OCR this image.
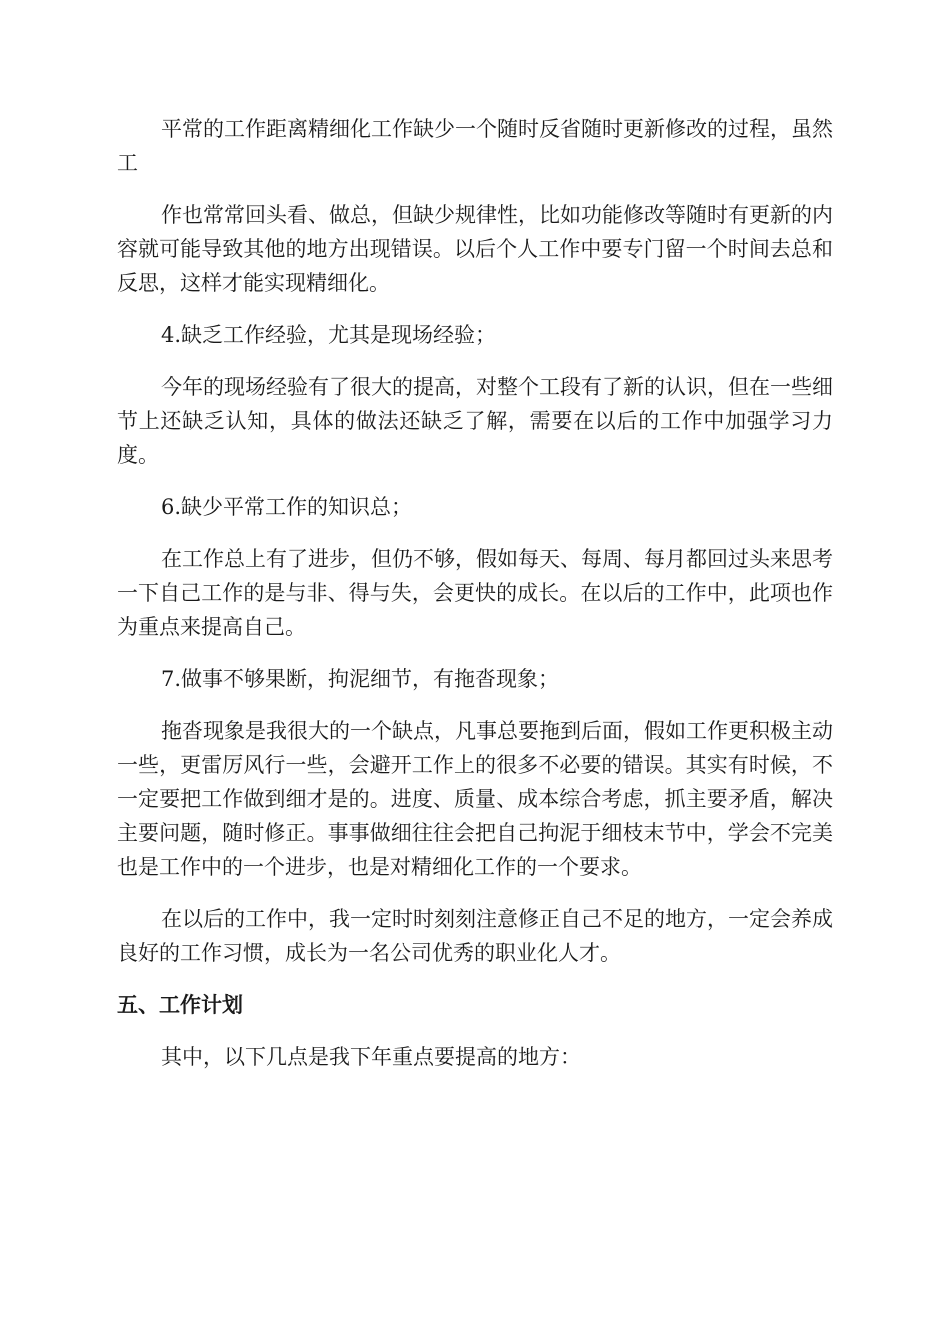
平常的工作距离精细化工作缺少一个随时反省随时更新修改的过程，虽然工

作也常常回头看、做总，但缺少规律性，比如功能修改等随时有更新的内容就可能导致其他的地方出现错误。以后个人工作中要专门留一个时间去总和反思，这样才能实现精细化。

4.缺乏工作经验，尤其是现场经验；

今年的现场经验有了很大的提高，对整个工段有了新的认识，但在一些细节上还缺乏认知，具体的做法还缺乏了解，需要在以后的工作中加强学习力度。

6.缺少平常工作的知识总；

在工作总上有了进步，但仍不够，假如每天、每周、每月都回过头来思考一下自己工作的是与非、得与失，会更快的成长。在以后的工作中，此项也作为重点来提高自己。

7.做事不够果断，拘泥细节，有拖沓现象；

拖沓现象是我很大的一个缺点，凡事总要拖到后面，假如工作更积极主动一些，更雷厉风行一些，会避开工作上的很多不必要的错误。其实有时候，不一定要把工作做到细才是的。进度、质量、成本综合考虑，抓主要矛盾，解决主要问题，随时修正。事事做细往往会把自己拘泥于细枝末节中，学会不完美也是工作中的一个进步，也是对精细化工作的一个要求。

在以后的工作中，我一定时时刻刻注意修正自己不足的地方，一定会养成良好的工作习惯，成长为一名公司优秀的职业化人才。

五、工作计划

其中，以下几点是我下年重点要提高的地方：
